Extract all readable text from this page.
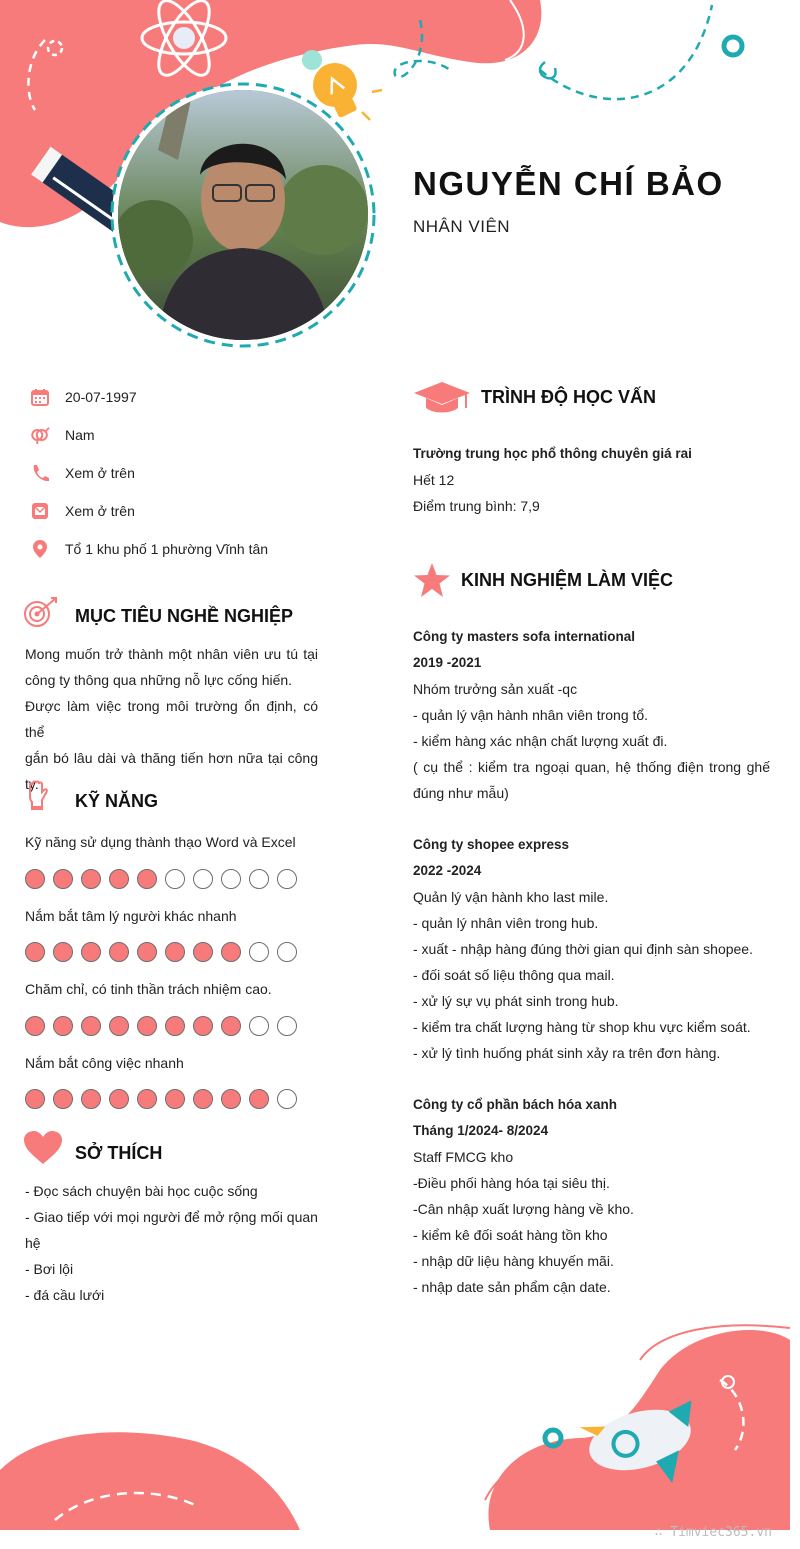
NGUYỄN CHÍ BẢO
NHÂN VIÊN
20-07-1997
Nam
Xem ở trên
Xem ở trên
Tổ 1 khu phố 1 phường Vĩnh tân
MỤC TIÊU NGHỀ NGHIỆP
Mong muốn trở thành một nhân viên ưu tú tại
công ty thông qua những nỗ lực cống hiến.
Được làm việc trong môi trường ổn định, có thể
gắn bó lâu dài và thăng tiến hơn nữa tại công
ty.
KỸ NĂNG
Kỹ năng sử dụng thành thạo Word và Excel
Nắm bắt tâm lý người khác nhanh
Chăm chỉ, có tinh thần trách nhiệm cao.
Nắm bắt công việc nhanh
SỞ THÍCH
- Đọc sách chuyện bài học cuộc sống
- Giao tiếp với mọi người để mở rộng mối quan
hệ
- Bơi lội
- đá cầu lưới
TRÌNH ĐỘ HỌC VẤN

Trường trung học phổ thông chuyên giá rai

Hết 12

Điểm trung bình: 7,9

KINH NGHIỆM LÀM VIỆC

Công ty masters sofa international

2019 -2021

Nhóm trưởng sản xuất -qc

- quản lý vận hành nhân viên trong tổ.

- kiểm hàng xác nhận chất lượng xuất đi.

( cụ thể : kiểm tra ngoại quan, hệ thống điện trong ghế

đúng như mẫu)

Công ty shopee express

2022 -2024

Quản lý vận hành kho last mile.

- quản lý nhân viên trong hub.

- xuất - nhập hàng đúng thời gian qui định sàn shopee.

- đối soát số liệu thông qua mail.

- xử lý sự vụ phát sinh trong hub.

- kiểm tra chất lượng hàng từ shop khu vực kiểm soát.

- xử lý tình huống phát sinh xảy ra trên đơn hàng.

Công ty cổ phần bách hóa xanh

Tháng 1/2024- 8/2024

Staff FMCG kho

-Điều phối hàng hóa tại siêu thị.

-Cân nhập xuất lượng hàng về kho.

- kiểm kê đối soát hàng tồn kho

- nhập dữ liệu hàng khuyến mãi.

- nhập date sản phẩm cận date.

∴ Timviec365.vn
